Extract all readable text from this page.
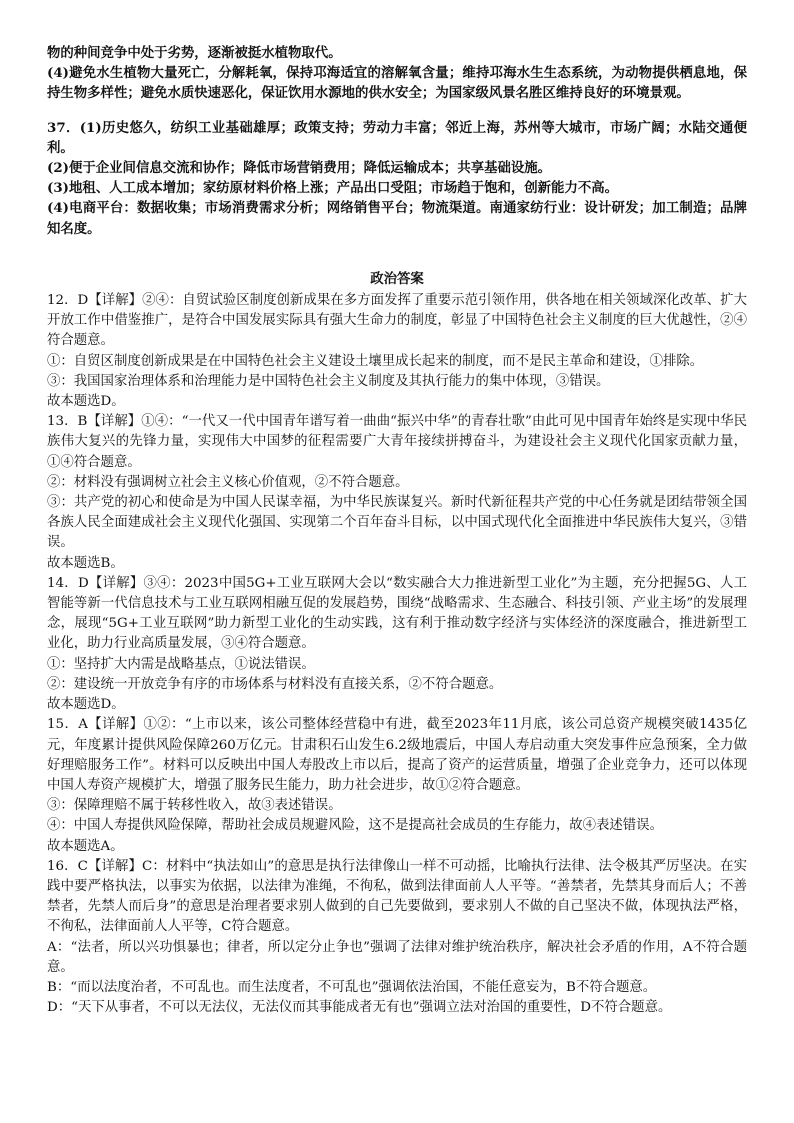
物的种间竞争中处于劣势，逐渐被挺水植物取代。

(4)避免水生植物大量死亡，分解耗氧，保持邛海适宜的溶解氧含量；维持邛海水生生态系统，为动物提供栖息地，保持生物多样性；避免水质快速恶化，保证饮用水源地的供水安全；为国家级风景名胜区维持良好的环境景观。

37．(1)历史悠久，纺织工业基础雄厚；政策支持；劳动力丰富；邻近上海，苏州等大城市，市场广阔；水陆交通便利。

(2)便于企业间信息交流和协作；降低市场营销费用；降低运输成本；共享基础设施。

(3)地租、人工成本增加；家纺原材料价格上涨；产品出口受阻；市场趋于饱和，创新能力不高。

(4)电商平台：数据收集；市场消费需求分析；网络销售平台；物流渠道。南通家纺行业：设计研发；加工制造；品牌知名度。

政治答案

12．D【详解】②④：自贸试验区制度创新成果在多方面发挥了重要示范引领作用，供各地在相关领域深化改革、扩大开放工作中借鉴推广，是符合中国发展实际具有强大生命力的制度，彰显了中国特色社会主义制度的巨大优越性，②④符合题意。

①：自贸区制度创新成果是在中国特色社会主义建设土壤里成长起来的制度，而不是民主革命和建设，①排除。

③：我国国家治理体系和治理能力是中国特色社会主义制度及其执行能力的集中体现，③错误。

故本题选D。

13．B【详解】①④：“一代又一代中国青年谱写着一曲曲“振兴中华”的青春壮歌”由此可见中国青年始终是实现中华民族伟大复兴的先锋力量，实现伟大中国梦的征程需要广大青年接续拼搏奋斗，为建设社会主义现代化国家贡献力量，①④符合题意。

②：材料没有强调树立社会主义核心价值观，②不符合题意。

③：共产党的初心和使命是为中国人民谋幸福，为中华民族谋复兴。新时代新征程共产党的中心任务就是团结带领全国各族人民全面建成社会主义现代化强国、实现第二个百年奋斗目标，以中国式现代化全面推进中华民族伟大复兴，③错误。

故本题选B。

14．D【详解】③④：2023中国5G+工业互联网大会以“数实融合大力推进新型工业化”为主题，充分把握5G、人工智能等新一代信息技术与工业互联网相融互促的发展趋势，围绕“战略需求、生态融合、科技引领、产业主场”的发展理念，展现“5G+工业互联网”助力新型工业化的生动实践，这有利于推动数字经济与实体经济的深度融合，推进新型工业化，助力行业高质量发展，③④符合题意。

①：坚持扩大内需是战略基点，①说法错误。

②：建设统一开放竞争有序的市场体系与材料没有直接关系，②不符合题意。

故本题选D。

15．A【详解】①②：“上市以来，该公司整体经营稳中有进，截至2023年11月底，该公司总资产规模突破1435亿元，年度累计提供风险保障260万亿元。甘肃积石山发生6.2级地震后，中国人寿启动重大突发事件应急预案，全力做好理赔服务工作”。材料可以反映出中国人寿股改上市以后，提高了资产的运营质量，增强了企业竞争力，还可以体现中国人寿资产规模扩大，增强了服务民生能力，助力社会进步，故①②符合题意。

③：保障理赔不属于转移性收入，故③表述错误。

④：中国人寿提供风险保障，帮助社会成员规避风险，这不是提高社会成员的生存能力，故④表述错误。

故本题选A。

16．C【详解】C：材料中“执法如山”的意思是执行法律像山一样不可动摇，比喻执行法律、法令极其严厉坚决。在实践中要严格执法，以事实为依据，以法律为准绳，不徇私，做到法律面前人人平等。“善禁者，先禁其身而后人；不善禁者，先禁人而后身”的意思是治理者要求别人做到的自己先要做到，要求别人不做的自己坚决不做，体现执法严格，不徇私，法律面前人人平等，C符合题意。

A：“法者，所以兴功惧暴也；律者，所以定分止争也”强调了法律对维护统治秩序，解决社会矛盾的作用，A不符合题意。

B：“而以法度治者，不可乱也。而生法度者，不可乱也”强调依法治国，不能任意妄为，B不符合题意。

D：“天下从事者，不可以无法仪，无法仪而其事能成者无有也”强调立法对治国的重要性，D不符合题意。
